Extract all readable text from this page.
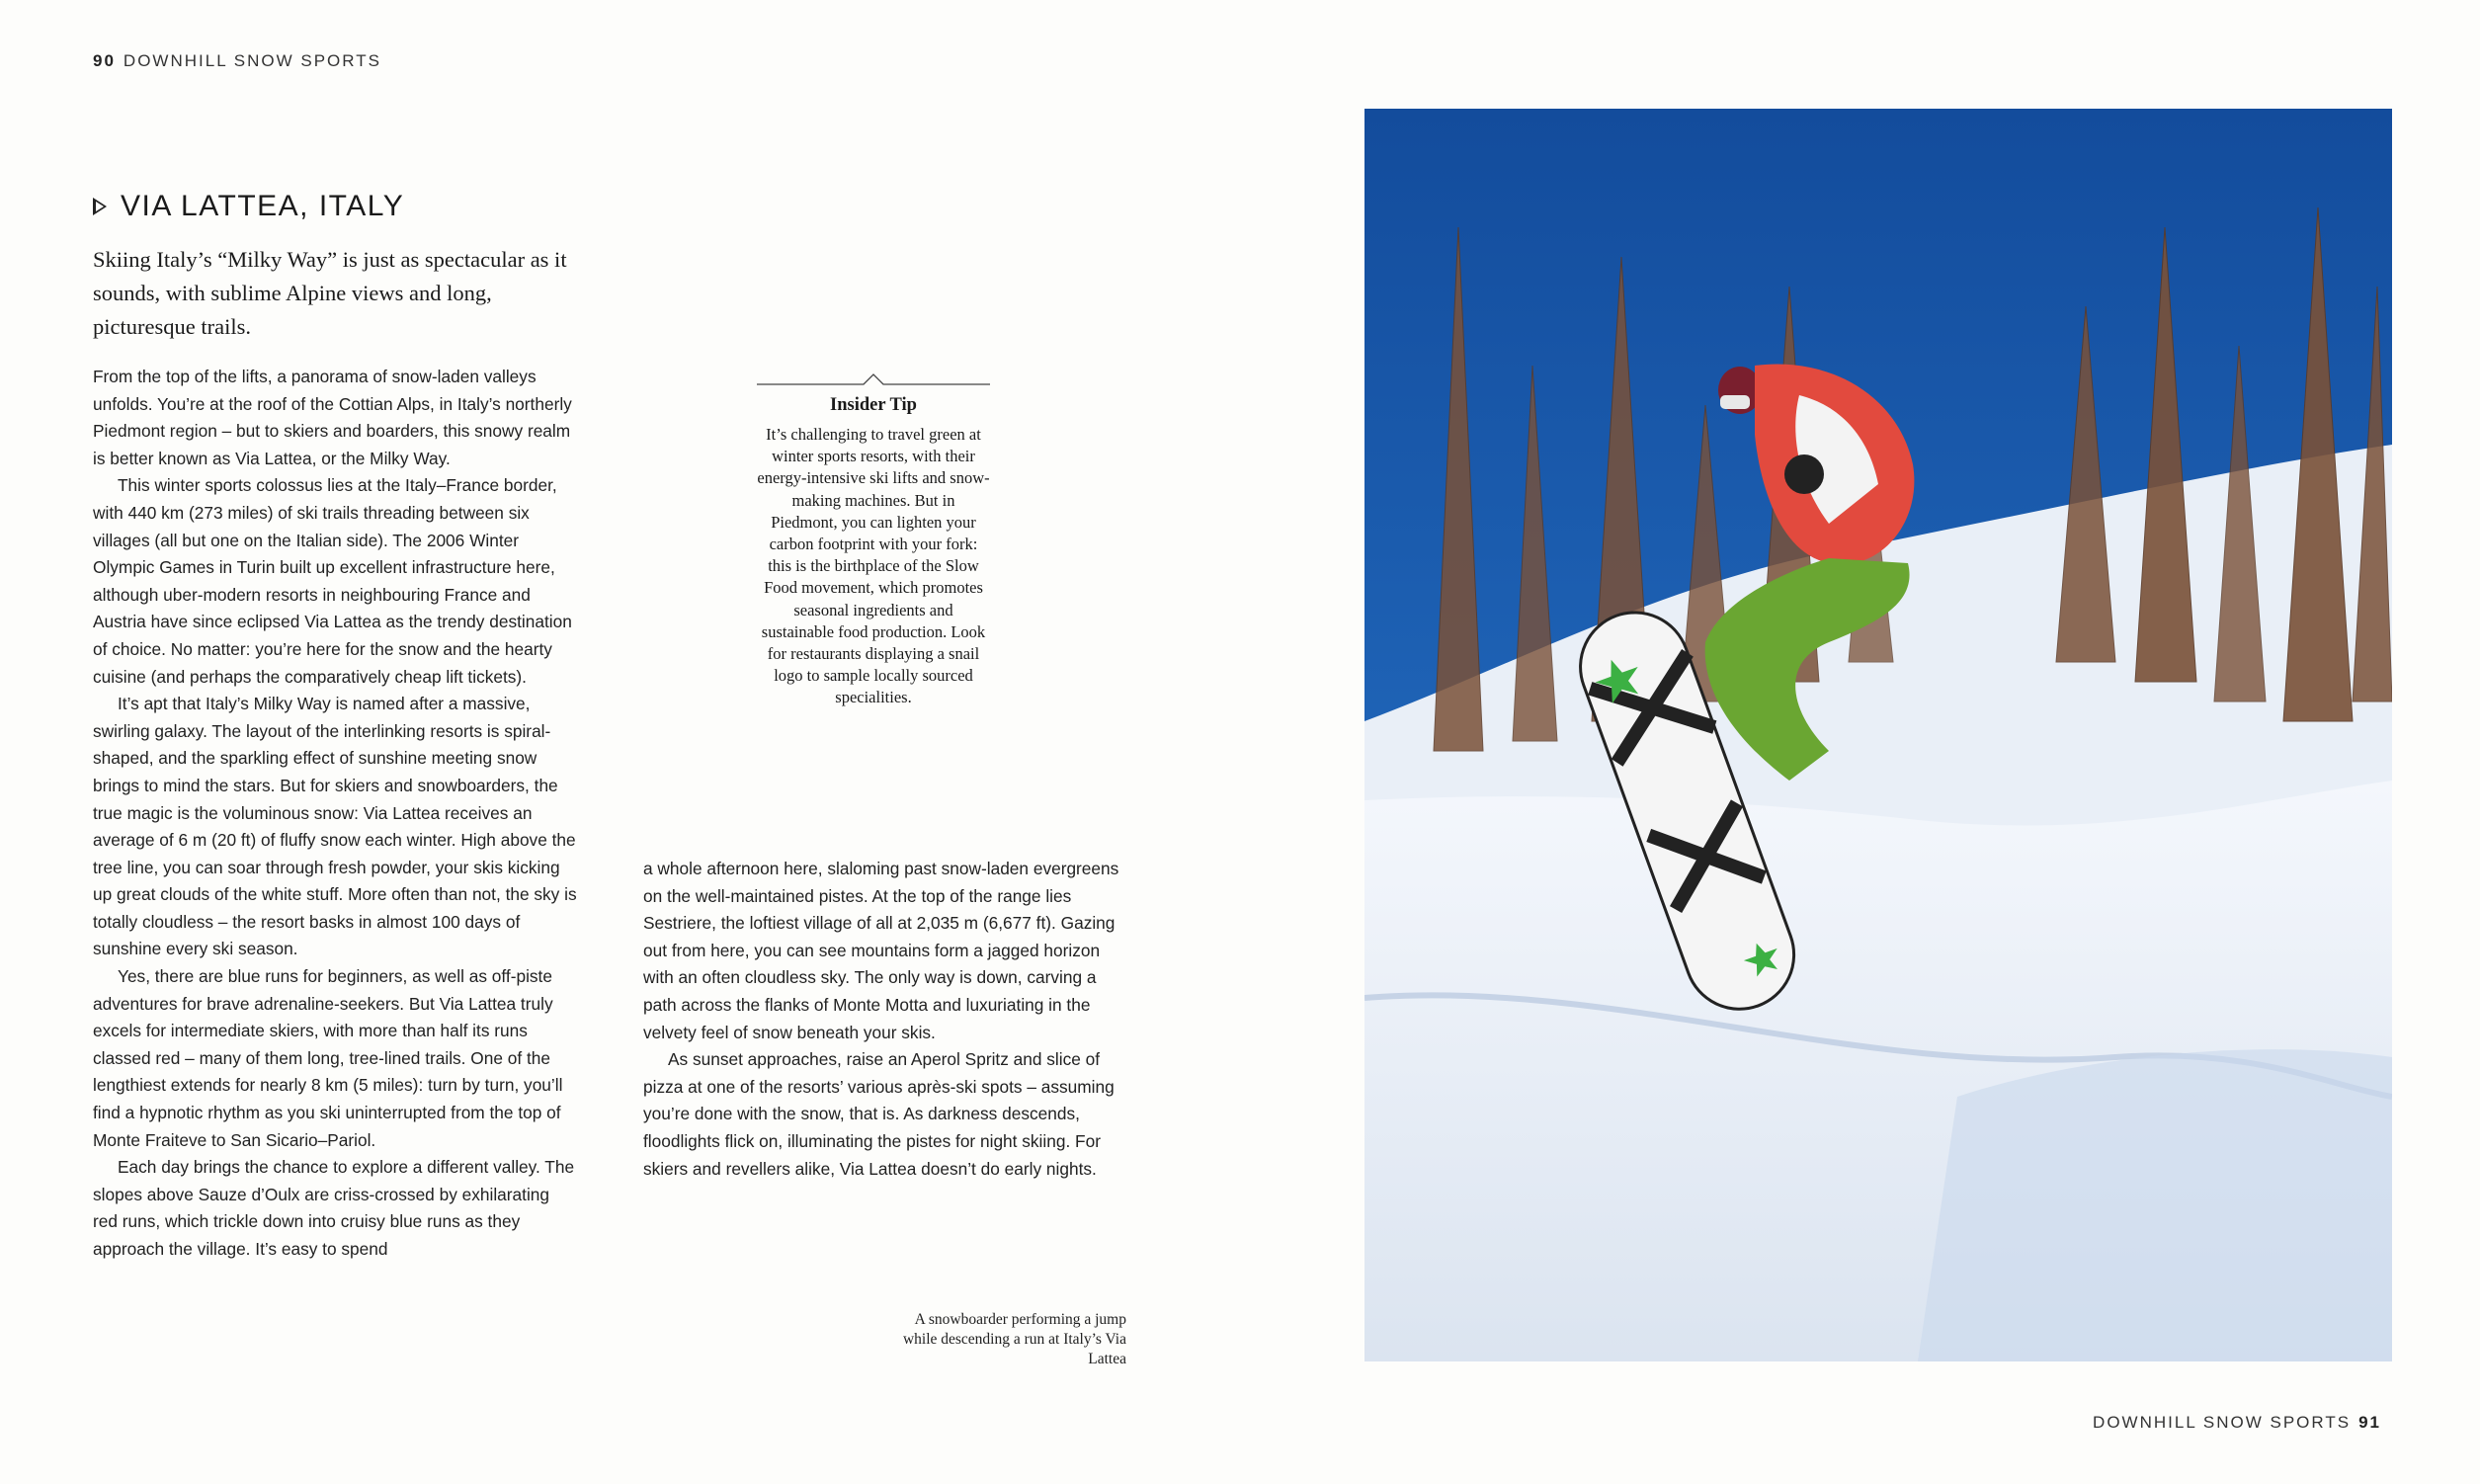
90 DOWNHILL SNOW SPORTS
VIA LATTEA, ITALY

Skiing Italy’s “Milky Way” is just as spectacular as it sounds, with sublime Alpine views and long, picturesque trails.

From the top of the lifts, a panorama of snow-laden valleys unfolds. You’re at the roof of the Cottian Alps, in Italy’s northerly Piedmont region – but to skiers and boarders, this snowy realm is better known as Via Lattea, or the Milky Way.

This winter sports colossus lies at the Italy–France border, with 440 km (273 miles) of ski trails threading between six villages (all but one on the Italian side). The 2006 Winter Olympic Games in Turin built up excellent infrastructure here, although uber-modern resorts in neighbouring France and Austria have since eclipsed Via Lattea as the trendy destination of choice. No matter: you’re here for the snow and the hearty cuisine (and perhaps the comparatively cheap lift tickets).

It’s apt that Italy’s Milky Way is named after a massive, swirling galaxy. The layout of the interlinking resorts is spiral-shaped, and the sparkling effect of sunshine meeting snow brings to mind the stars. But for skiers and snowboarders, the true magic is the voluminous snow: Via Lattea receives an average of 6 m (20 ft) of fluffy snow each winter. High above the tree line, you can soar through fresh powder, your skis kicking up great clouds of the white stuff. More often than not, the sky is totally cloudless – the resort basks in almost 100 days of sunshine every ski season.

Yes, there are blue runs for beginners, as well as off-piste adventures for brave adrenaline-seekers. But Via Lattea truly excels for intermediate skiers, with more than half its runs classed red – many of them long, tree-lined trails. One of the lengthiest extends for nearly 8 km (5 miles): turn by turn, you’ll find a hypnotic rhythm as you ski uninterrupted from the top of Monte Fraiteve to San Sicario–Pariol.

Each day brings the chance to explore a different valley. The slopes above Sauze d’Oulx are criss-crossed by exhilarating red runs, which trickle down into cruisy blue runs as they approach the village. It’s easy to spend

Insider Tip
It’s challenging to travel green at winter sports resorts, with their energy-intensive ski lifts and snow-making machines. But in Piedmont, you can lighten your carbon footprint with your fork: this is the birthplace of the Slow Food movement, which promotes seasonal ingredients and sustainable food production. Look for restaurants displaying a snail logo to sample locally sourced specialities.

a whole afternoon here, slaloming past snow-laden evergreens on the well-maintained pistes. At the top of the range lies Sestriere, the loftiest village of all at 2,035 m (6,677 ft). Gazing out from here, you can see mountains form a jagged horizon with an often cloudless sky. The only way is down, carving a path across the flanks of Monte Motta and luxuriating in the velvety feel of snow beneath your skis.

As sunset approaches, raise an Aperol Spritz and slice of pizza at one of the resorts’ various après-ski spots – assuming you’re done with the snow, that is. As darkness descends, floodlights flick on, illuminating the pistes for night skiing. For skiers and revellers alike, Via Lattea doesn’t do early nights.

A snowboarder performing a jump while descending a run at Italy’s Via Lattea
DOWNHILL SNOW SPORTS 91
